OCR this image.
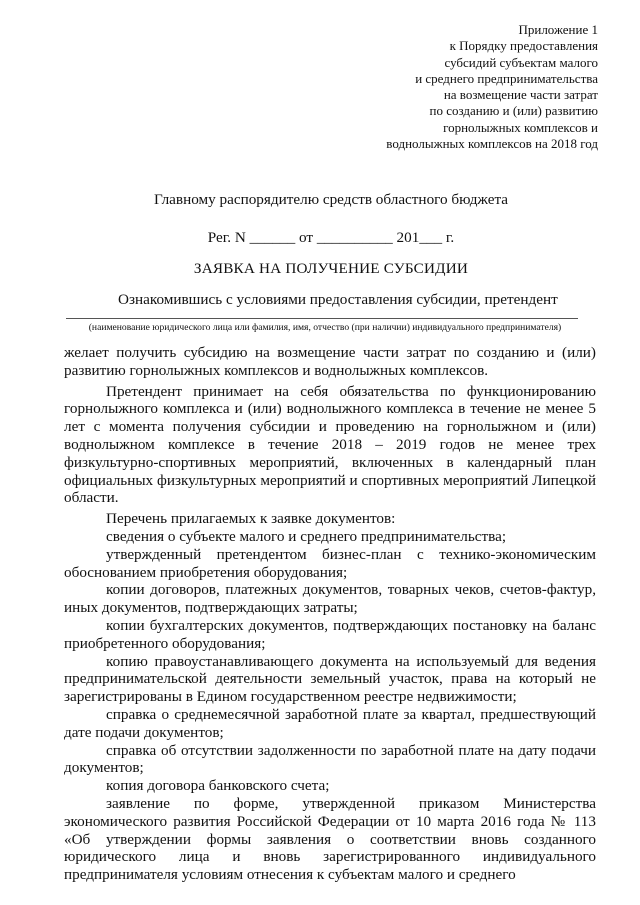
Приложение 1
к Порядку предоставления
субсидий субъектам малого
и среднего предпринимательства
на возмещение части затрат
по созданию и (или) развитию
горнолыжных комплексов и
воднолыжных комплексов на 2018 год
Главному распорядителю средств областного бюджета
Рег. N ______ от __________ 201___ г.
ЗАЯВКА НА ПОЛУЧЕНИЕ СУБСИДИИ
Ознакомившись с условиями предоставления субсидии, претендент
(наименование юридического лица или фамилия, имя, отчество (при наличии) индивидуального предпринимателя)

желает получить субсидию на возмещение части затрат по созданию и (или) развитию горнолыжных комплексов и воднолыжных комплексов.

Претендент принимает на себя обязательства по функционированию горнолыжного комплекса и (или) воднолыжного комплекса в течение не менее 5 лет с момента получения субсидии и проведению на горнолыжном и (или) воднолыжном комплексе в течение 2018 – 2019 годов не менее трех физкультурно-спортивных мероприятий, включенных в календарный план официальных физкультурных мероприятий и спортивных мероприятий Липецкой области.

Перечень прилагаемых к заявке документов:

сведения о субъекте малого и среднего предпринимательства;

утвержденный претендентом бизнес-план с технико-экономическим обоснованием приобретения оборудования;

копии договоров, платежных документов, товарных чеков, счетов-фактур, иных документов, подтверждающих затраты;

копии бухгалтерских документов, подтверждающих постановку на баланс приобретенного оборудования;

копию правоустанавливающего документа на используемый для ведения предпринимательской деятельности земельный участок, права на который не зарегистрированы в Едином государственном реестре недвижимости;

справка о среднемесячной заработной плате за квартал, предшествующий дате подачи документов;

справка об отсутствии задолженности по заработной плате на дату подачи документов;

копия договора банковского счета;

заявление по форме, утвержденной приказом Министерства экономического развития Российской Федерации от 10 марта 2016 года № 113 «Об утверждении формы заявления о соответствии вновь созданного юридического лица и вновь зарегистрированного индивидуального предпринимателя условиям отнесения к субъектам малого и среднего
